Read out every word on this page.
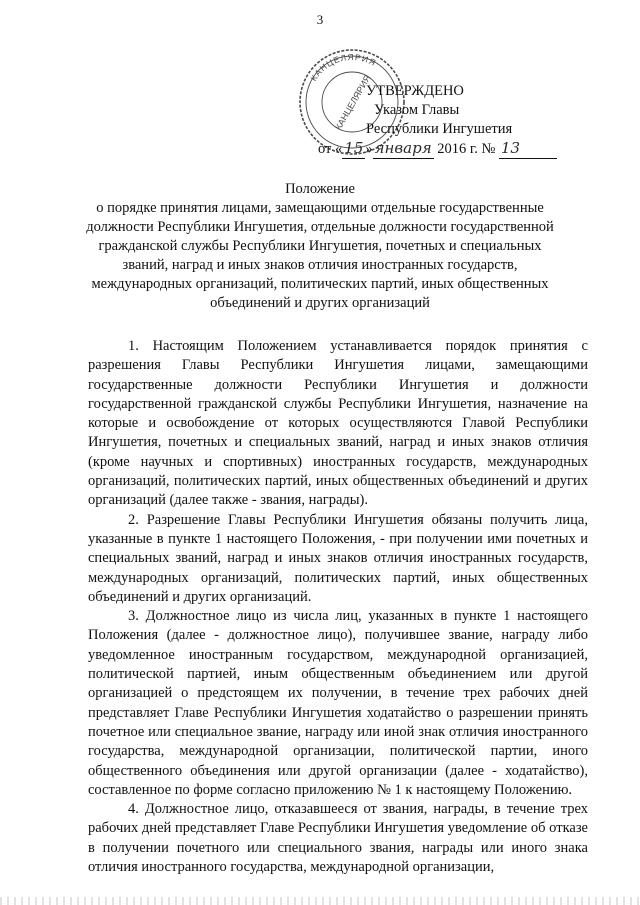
3
КАНЦЕЛЯРИЯ
КАНЦЕЛЯРИЯ
УТВЕРЖДЕНО
Указом Главы
Республики Ингушетия
от « 15 » января 2016 г. № 13
Положение
о порядке принятия лицами, замещающими отдельные государственные
должности Республики Ингушетия, отдельные должности государственной
гражданской службы Республики Ингушетия, почетных и специальных
званий, наград и иных знаков отличия иностранных государств,
международных организаций, политических партий, иных общественных
объединений и других организаций

1. Настоящим Положением устанавливается порядок принятия с разрешения Главы Республики Ингушетия лицами, замещающими государственные должности Республики Ингушетия и должности государственной гражданской службы Республики Ингушетия, назначение на которые и освобождение от которых осуществляются Главой Республики Ингушетия, почетных и специальных званий, наград и иных знаков отличия (кроме научных и спортивных) иностранных государств, международных организаций, политических партий, иных общественных объединений и других организаций (далее также - звания, награды).

2. Разрешение Главы Республики Ингушетия обязаны получить лица, указанные в пункте 1 настоящего Положения, - при получении ими почетных и специальных званий, наград и иных знаков отличия иностранных государств, международных организаций, политических партий, иных общественных объединений и других организаций.

3. Должностное лицо из числа лиц, указанных в пункте 1 настоящего Положения (далее - должностное лицо), получившее звание, награду либо уведомленное иностранным государством, международной организацией, политической партией, иным общественным объединением или другой организацией о предстоящем их получении, в течение трех рабочих дней представляет Главе Республики Ингушетия ходатайство о разрешении принять почетное или специальное звание, награду или иной знак отличия иностранного государства, международной организации, политической партии, иного общественного объединения или другой организации (далее - ходатайство), составленное по форме согласно приложению № 1 к настоящему Положению.

4. Должностное лицо, отказавшееся от звания, награды, в течение трех рабочих дней представляет Главе Республики Ингушетия уведомление об отказе в получении почетного или специального звания, награды или иного знака отличия иностранного государства, международной организации,
